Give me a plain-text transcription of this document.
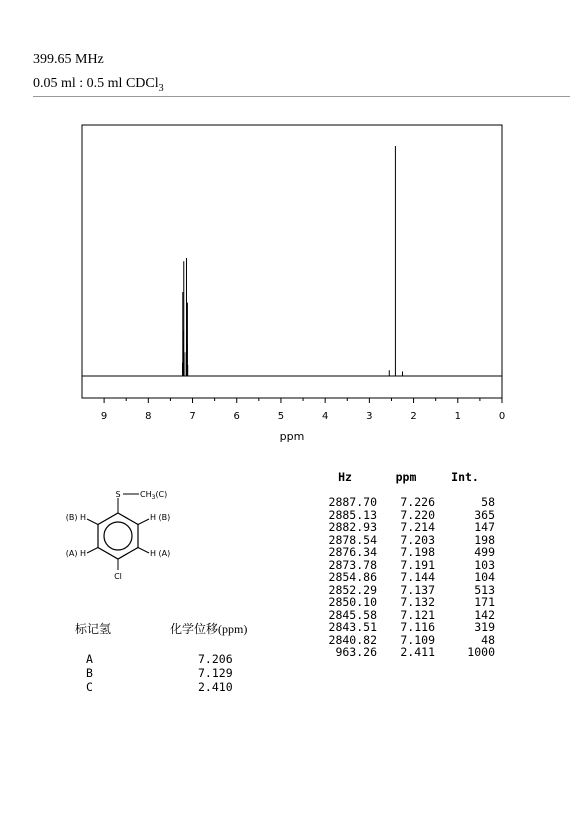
399.65 MHz
0.05 ml : 0.5 ml CDCl$_3$
9	8	7	6	5	4	3	2	1	0
ppm
Hz	ppm	Int.
2887.70	7.226	58
2885.13	7.220	365
2882.93	7.214	147
2878.54	7.203	198
2876.34	7.198	499
2873.78	7.191	103
2854.86	7.144	104
2852.29	7.137	513
2850.10	7.132	171
2845.58	7.121	142
2843.51	7.116	319
2840.82	7.109	48
963.26	2.411	1000
S $CH_3(C)$
(B) H	H (B)
(A) H	H (A)
Cl
标记氢	化学位移(ppm)
A	7.206
B	7.129
C	2.410
